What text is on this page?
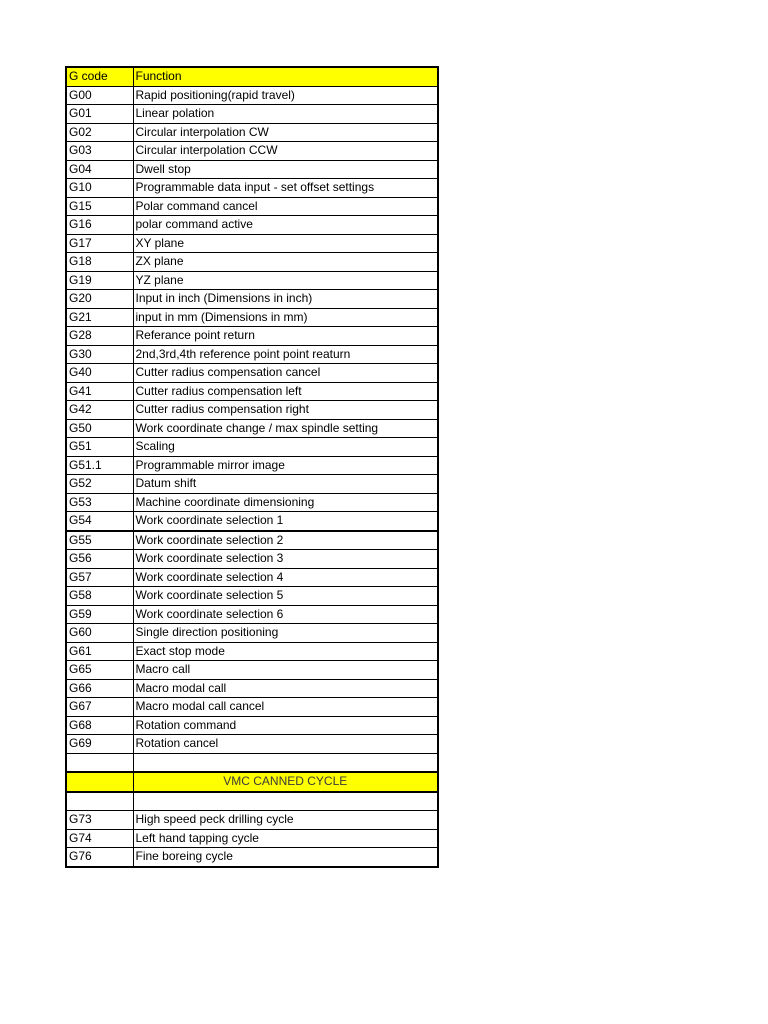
G code	Function
G00	Rapid positioning(rapid travel)
G01	Linear polation
G02	Circular interpolation CW
G03	Circular interpolation CCW
G04	Dwell stop
G10	Programmable data input - set offset settings
G15	Polar command cancel
G16	polar command active
G17	XY plane
G18	ZX plane
G19	YZ plane
G20	Input in inch (Dimensions in inch)
G21	input in mm (Dimensions in mm)
G28	Referance point return
G30	2nd,3rd,4th reference point point reaturn
G40	Cutter radius compensation cancel
G41	Cutter radius compensation left
G42	Cutter radius compensation right
G50	Work coordinate change / max spindle setting
G51	Scaling
G51.1	Programmable mirror image
G52	Datum shift
G53	Machine coordinate dimensioning
G54	Work coordinate selection 1
G55	Work coordinate selection 2
G56	Work coordinate selection 3
G57	Work coordinate selection 4
G58	Work coordinate selection 5
G59	Work coordinate selection 6
G60	Single direction positioning
G61	Exact stop mode
G65	Macro call
G66	Macro modal call
G67	Macro modal call cancel
G68	Rotation command
G69	Rotation cancel

	VMC CANNED CYCLE

G73	High speed peck drilling cycle
G74	Left hand tapping cycle
G76	Fine boreing cycle
